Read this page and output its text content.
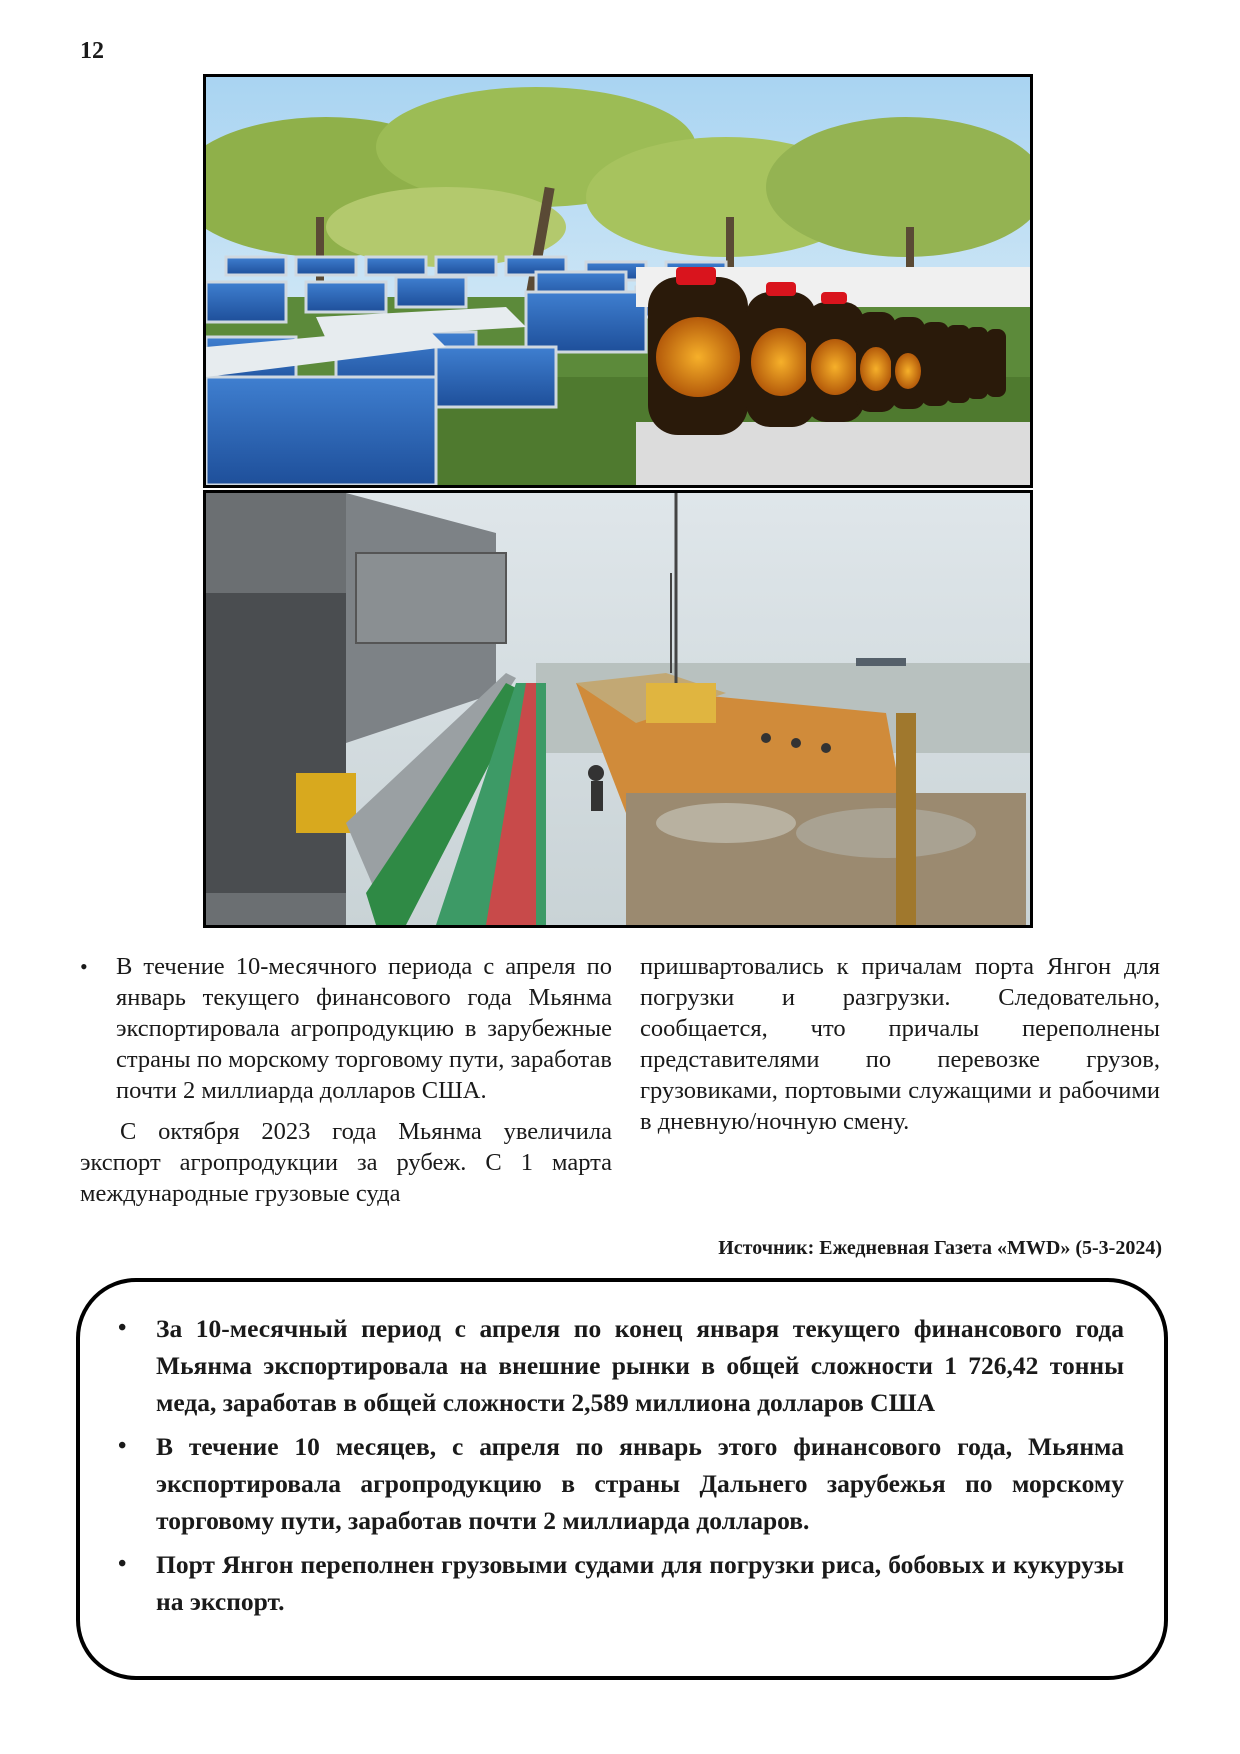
12

• В течение 10-месячного периода с апреля по январь текущего финансового года Мьянма экспортировала агропродукцию в зарубежные страны по морскому торговому пути, заработав почти 2 миллиарда долларов США.

С октября 2023 года Мьянма увеличила экспорт агропродукции за рубеж. С 1 марта международные грузовые суда

пришвартовались к причалам порта Янгон для погрузки и разгрузки. Следовательно, сообщается, что причалы переполнены представителями по перевозке грузов, грузовиками, портовыми служащими и рабочими в дневную/ночную смену.

Источник: Ежедневная Газета «MWD» (5-3-2024)
• За 10-месячный период с апреля по конец января текущего финансового года Мьянма экспортировала на внешние рынки в общей сложности 1 726,42 тонны меда, заработав в общей сложности 2,589 миллиона долларов США
• В течение 10 месяцев, с апреля по январь этого финансового года, Мьянма экспортировала агропродукцию в страны Дальнего зарубежья по морскому торговому пути, заработав почти 2 миллиарда долларов.
• Порт Янгон переполнен грузовыми судами для погрузки риса, бобовых и кукурузы на экспорт.
